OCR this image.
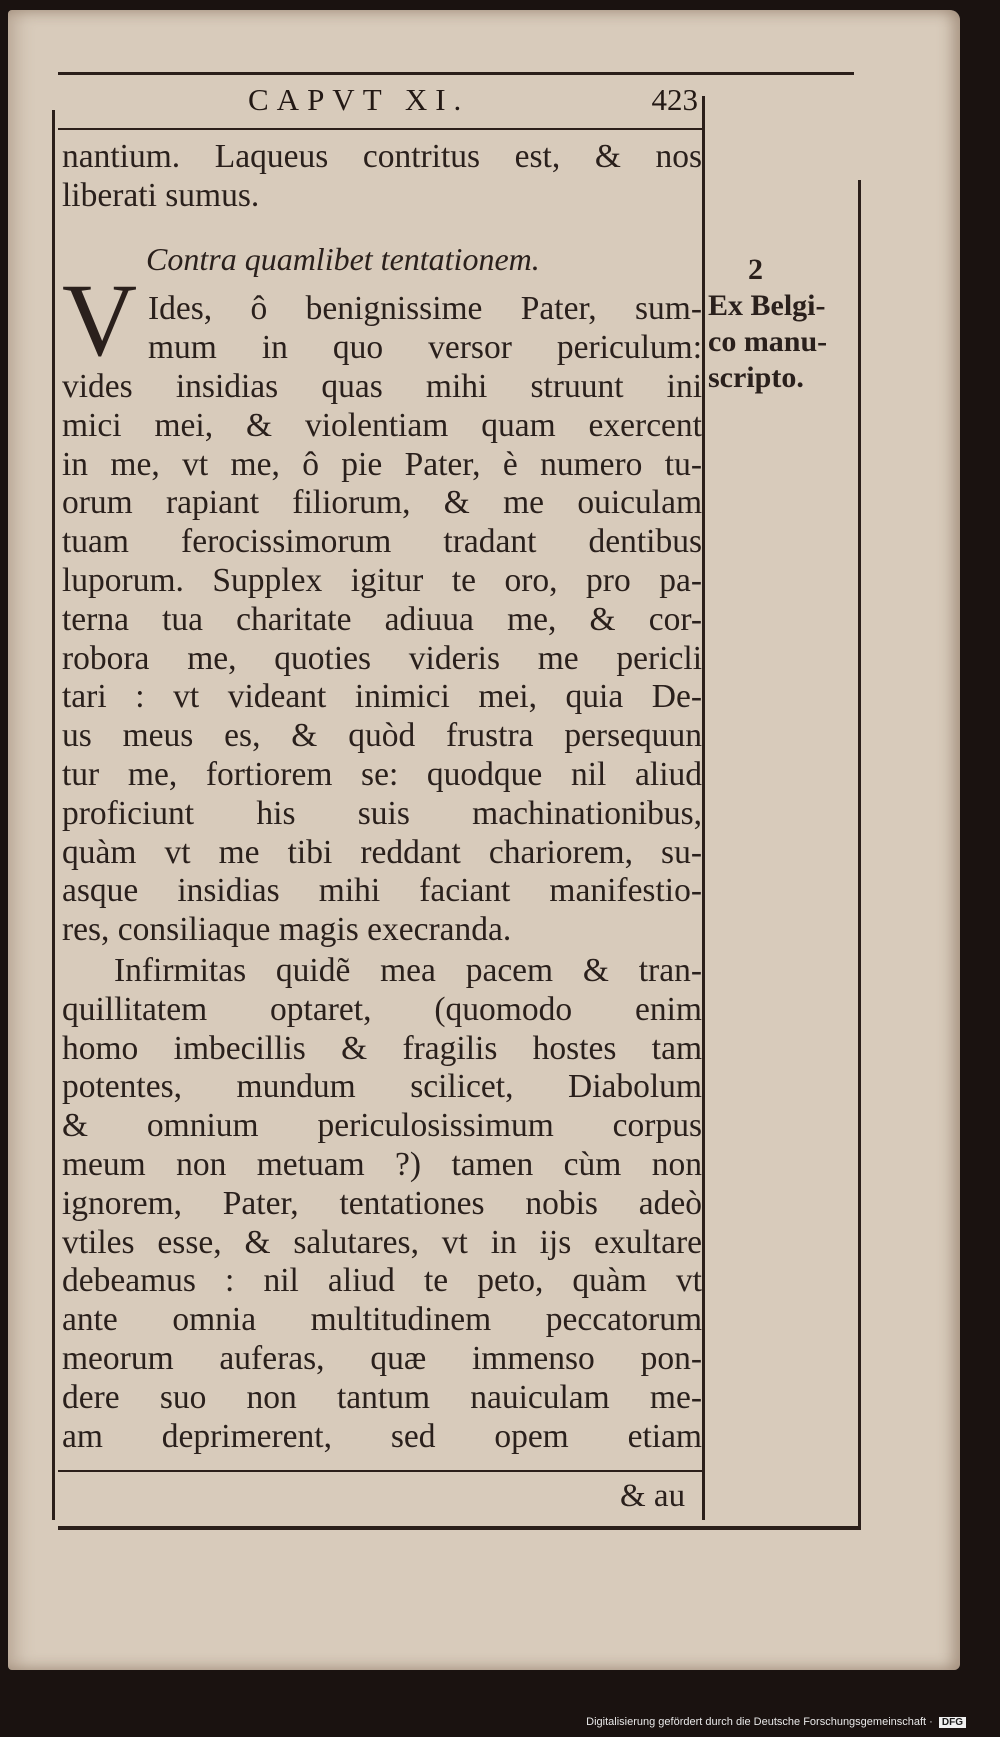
CAPVT XI.	423
nantium. Laqueus contritus est, & nos
liberati sumus.
Contra quamlibet tentationem.	2
Ex Belgi-
co manu-
scripto.
V Ides, ô benignissime Pater, sum-
mum in quo versor periculum:
vides insidias quas mihi struunt ini
mici mei, & violentiam quam exercent
in me, vt me, ô pie Pater, è numero tu-
orum rapiant filiorum, & me ouiculam
tuam ferocissimorum tradant dentibus
luporum. Supplex igitur te oro, pro pa-
terna tua charitate adiuua me, & cor-
robora me, quoties videris me pericli
tari : vt videant inimici mei, quia De-
us meus es, & quòd frustra persequun
tur me, fortiorem se: quodque nil aliud
proficiunt his suis machinationibus,
quàm vt me tibi reddant chariorem, su-
asque insidias mihi faciant manifestio-
res, consiliaque magis execranda.
Infirmitas quidẽ mea pacem & tran-
quillitatem optaret, (quomodo enim
homo imbecillis & fragilis hostes tam
potentes, mundum scilicet, Diabolum
& omnium periculosissimum corpus
meum non metuam ?) tamen cùm non
ignorem, Pater, tentationes nobis adeò
vtiles esse, & salutares, vt in ijs exultare
debeamus : nil aliud te peto, quàm vt
ante omnia multitudinem peccatorum
meorum auferas, quæ immenso pon-
dere suo non tantum nauiculam me-
am deprimerent, sed opem etiam
& au
Digitalisierung gefördert durch die Deutsche Forschungsgemeinschaft · DFG
